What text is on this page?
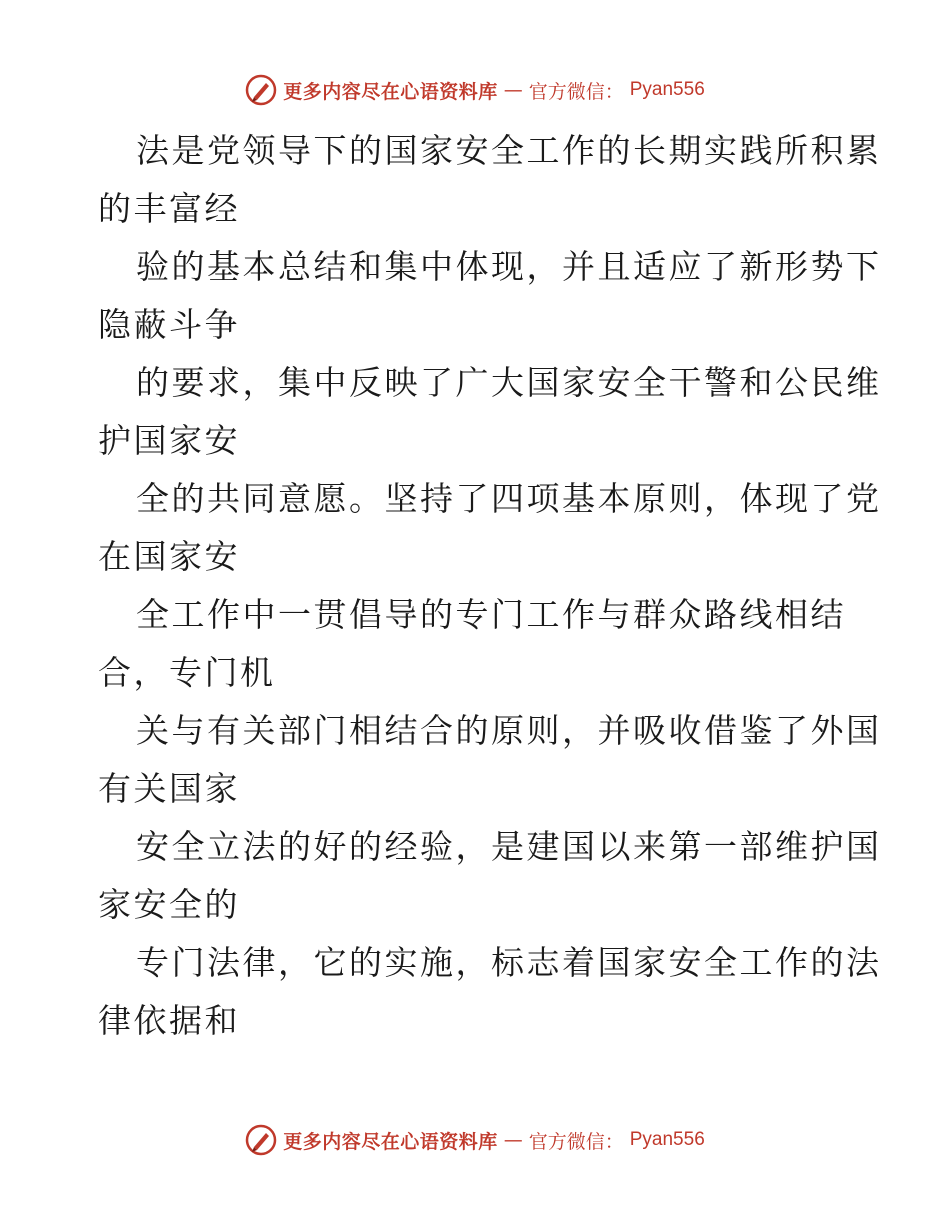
更多内容尽在心语资料库 — 官方微信： Pyan556
法是党领导下的国家安全工作的长期实践所积累
的丰富经
验的基本总结和集中体现，并且适应了新形势下
隐蔽斗争
的要求，集中反映了广大国家安全干警和公民维
护国家安
全的共同意愿。坚持了四项基本原则，体现了党
在国家安
全工作中一贯倡导的专门工作与群众路线相结
合，专门机
关与有关部门相结合的原则，并吸收借鉴了外国
有关国家
安全立法的好的经验，是建国以来第一部维护国
家安全的
专门法律，它的实施，标志着国家安全工作的法
律依据和
更多内容尽在心语资料库 — 官方微信： Pyan556
